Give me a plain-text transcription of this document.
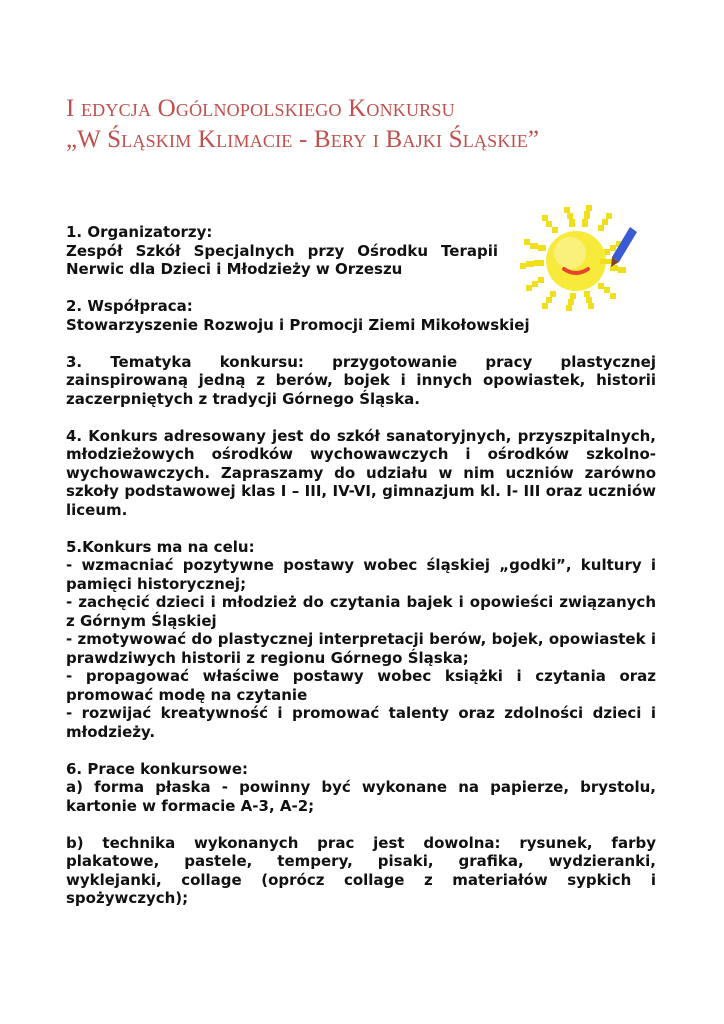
I edycja Ogólnopolskiego Konkursu
„W Śląskim Klimacie - Bery i Bajki Śląskie”
1. Organizatorzy:
Zespół Szkół Specjalnych przy Ośrodku Terapii
Nerwic dla Dzieci i Młodzieży w Orzeszu
2. Współpraca:
Stowarzyszenie Rozwoju i Promocji Ziemi Mikołowskiej
3. Tematyka konkursu: przygotowanie pracy plastycznej zainspirowaną jedną z berów, bojek i innych opowiastek, historii zaczerpniętych z tradycji Górnego Śląska.
4. Konkurs adresowany jest do szkół sanatoryjnych, przyszpitalnych, młodzieżowych ośrodków wychowawczych i ośrodków szkolno-wychowawczych. Zapraszamy do udziału w nim uczniów zarówno szkoły podstawowej klas I – III, IV-VI, gimnazjum kl. I- III oraz uczniów liceum.
5.Konkurs ma na celu:
- wzmacniać pozytywne postawy wobec śląskiej „godki”, kultury i pamięci historycznej;
- zachęcić dzieci i młodzież do czytania bajek i opowieści związanych z Górnym Śląskiej
- zmotywować do plastycznej interpretacji berów, bojek, opowiastek i prawdziwych historii z regionu Górnego Śląska;
- propagować właściwe postawy wobec książki i czytania oraz promować modę na czytanie
- rozwijać kreatywność i promować talenty oraz zdolności dzieci i młodzieży.
6. Prace konkursowe:
a) forma płaska - powinny być wykonane na papierze, brystolu, kartonie w formacie A-3, A-2;
b) technika wykonanych prac jest dowolna: rysunek, farby plakatowe, pastele, tempery, pisaki, grafika, wydzieranki, wyklejanki, collage (oprócz collage z materiałów sypkich i spożywczych);
